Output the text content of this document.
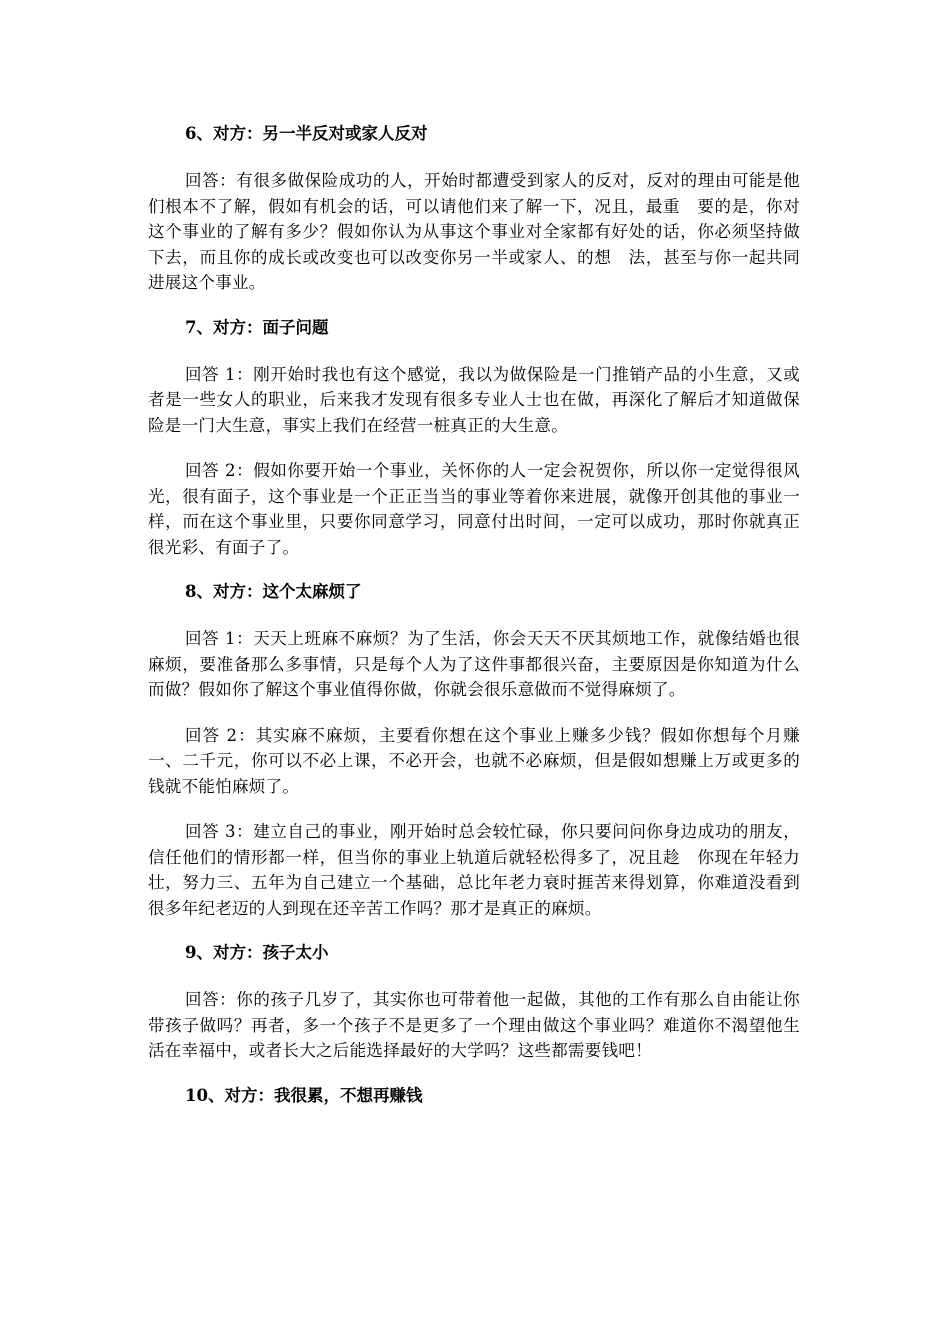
6、对方：另一半反对或家人反对
回答：有很多做保险成功的人，开始时都遭受到家人的反对，反对的理由可能是他们根本不了解，假如有机会的话，可以请他们来了解一下，况且，最重　要的是，你对这个事业的了解有多少？假如你认为从事这个事业对全家都有好处的话，你必须坚持做下去，而且你的成长或改变也可以改变你另一半或家人、的想　法，甚至与你一起共同进展这个事业。
7、对方：面子问题
回答 1：刚开始时我也有这个感觉，我以为做保险是一门推销产品的小生意，又或者是一些女人的职业，后来我才发现有很多专业人士也在做，再深化了解后才知道做保险是一门大生意，事实上我们在经营一桩真正的大生意。
回答 2：假如你要开始一个事业，关怀你的人一定会祝贺你，所以你一定觉得很风光，很有面子，这个事业是一个正正当当的事业等着你来进展，就像开创其他的事业一样，而在这个事业里，只要你同意学习，同意付出时间，一定可以成功，那时你就真正很光彩、有面子了。
8、对方：这个太麻烦了
回答 1：天天上班麻不麻烦？为了生活，你会天天不厌其烦地工作，就像结婚也很麻烦，要准备那么多事情，只是每个人为了这件事都很兴奋，主要原因是你知道为什么而做？假如你了解这个事业值得你做，你就会很乐意做而不觉得麻烦了。
回答 2：其实麻不麻烦，主要看你想在这个事业上赚多少钱？假如你想每个月赚一、二千元，你可以不必上课，不必开会，也就不必麻烦，但是假如想赚上万或更多的钱就不能怕麻烦了。
回答 3：建立自己的事业，刚开始时总会较忙碌，你只要问问你身边成功的朋友，信任他们的情形都一样，但当你的事业上轨道后就轻松得多了，况且趁　你现在年轻力壮，努力三、五年为自己建立一个基础，总比年老力衰时捱苦来得划算，你难道没看到很多年纪老迈的人到现在还辛苦工作吗？那才是真正的麻烦。
9、对方：孩子太小
回答：你的孩子几岁了，其实你也可带着他一起做，其他的工作有那么自由能让你带孩子做吗？再者，多一个孩子不是更多了一个理由做这个事业吗？难道你不渴望他生活在幸福中，或者长大之后能选择最好的大学吗？这些都需要钱吧！
10、对方：我很累，不想再赚钱
